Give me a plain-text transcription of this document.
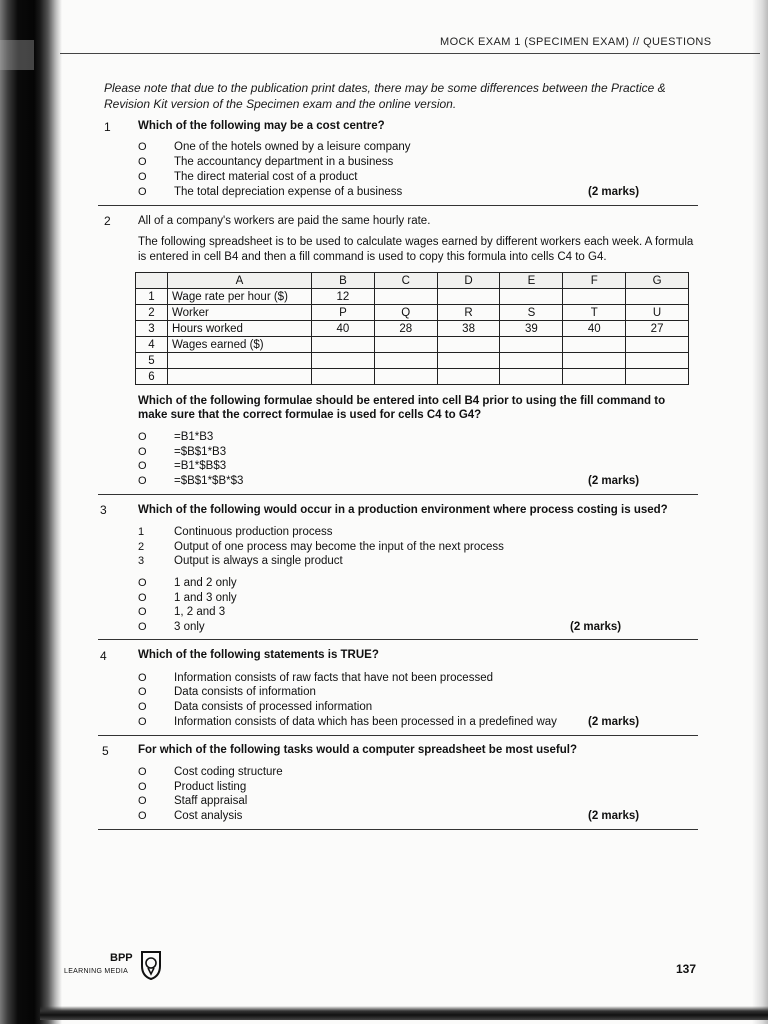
MOCK EXAM 1 (SPECIMEN EXAM) // QUESTIONS
Please note that due to the publication print dates, there may be some differences between the Practice & Revision Kit version of the Specimen exam and the online version.
1 Which of the following may be a cost centre?
O One of the hotels owned by a leisure company
O The accountancy department in a business
O The direct material cost of a product
O The total depreciation expense of a business	(2 marks)
2 All of a company's workers are paid the same hourly rate.
The following spreadsheet is to be used to calculate wages earned by different workers each week. A formula is entered in cell B4 and then a fill command is used to copy this formula into cells C4 to G4.
	A	B	C	D	E	F	G
1	Wage rate per hour ($)	12					
2	Worker	P	Q	R	S	T	U
3	Hours worked	40	28	38	39	40	27
4	Wages earned ($)						
5							
6							
Which of the following formulae should be entered into cell B4 prior to using the fill command to
make sure that the correct formulae is used for cells C4 to G4?
O =B1*B3
O =$B$1*B3
O =B1*$B$3
O =$B$1*$B*$3	(2 marks)
3	Which of the following would occur in a production environment where process costing is used?
1	Continuous production process
2	Output of one process may become the input of the next process
3	Output is always a single product
O 1 and 2 only
O 1 and 3 only
O 1, 2 and 3
O 3 only	(2 marks)
4	Which of the following statements is TRUE?
O Information consists of raw facts that have not been processed
O Data consists of information
O Data consists of processed information
O Information consists of data which has been processed in a predefined way	(2 marks)
5	For which of the following tasks would a computer spreadsheet be most useful?
O Cost coding structure
O Product listing
O Staff appraisal
O Cost analysis	(2 marks)
BPP
LEARNING MEDIA	137
